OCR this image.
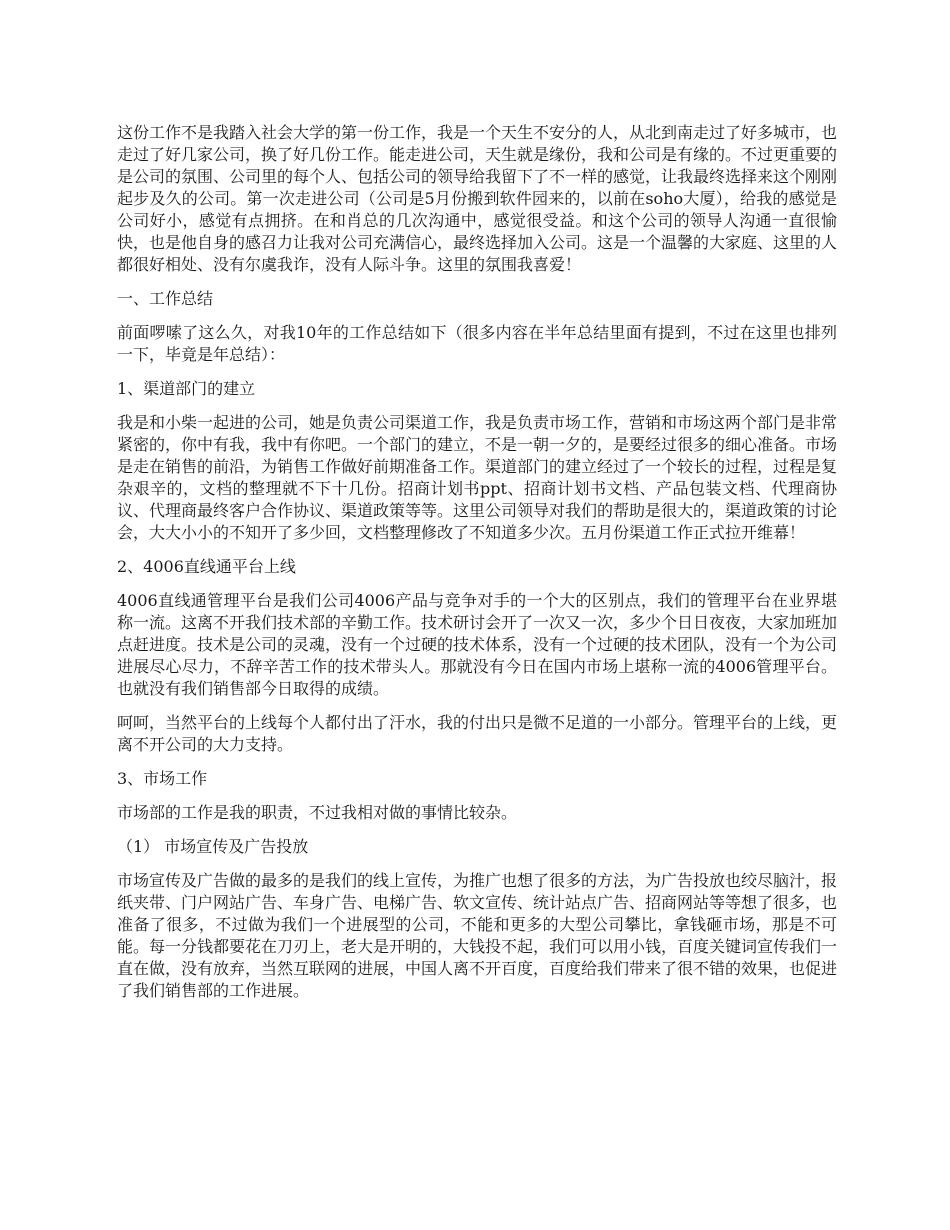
这份工作不是我踏入社会大学的第一份工作，我是一个天生不安分的人，从北到南走过了好多城市，也走过了好几家公司，换了好几份工作。能走进公司，天生就是缘份，我和公司是有缘的。不过更重要的是公司的氛围、公司里的每个人、包括公司的领导给我留下了不一样的感觉，让我最终选择来这个刚刚起步及久的公司。第一次走进公司（公司是5月份搬到软件园来的，以前在soho大厦），给我的感觉是公司好小，感觉有点拥挤。在和肖总的几次沟通中，感觉很受益。和这个公司的领导人沟通一直很愉快，也是他自身的感召力让我对公司充满信心，最终选择加入公司。这是一个温馨的大家庭、这里的人都很好相处、没有尔虞我诈，没有人际斗争。这里的氛围我喜爱！

一、工作总结

前面啰嗦了这么久，对我10年的工作总结如下（很多内容在半年总结里面有提到，不过在这里也排列一下，毕竟是年总结）：

1、渠道部门的建立

我是和小柴一起进的公司，她是负责公司渠道工作，我是负责市场工作，营销和市场这两个部门是非常紧密的，你中有我，我中有你吧。一个部门的建立，不是一朝一夕的，是要经过很多的细心准备。市场是走在销售的前沿，为销售工作做好前期准备工作。渠道部门的建立经过了一个较长的过程，过程是复杂艰辛的，文档的整理就不下十几份。招商计划书ppt、招商计划书文档、产品包装文档、代理商协议、代理商最终客户合作协议、渠道政策等等。这里公司领导对我们的帮助是很大的，渠道政策的讨论会，大大小小的不知开了多少回，文档整理修改了不知道多少次。五月份渠道工作正式拉开维幕！

2、4006直线通平台上线

4006直线通管理平台是我们公司4006产品与竞争对手的一个大的区别点，我们的管理平台在业界堪称一流。这离不开我们技术部的辛勤工作。技术研讨会开了一次又一次，多少个日日夜夜，大家加班加点赶进度。技术是公司的灵魂，没有一个过硬的技术体系，没有一个过硬的技术团队，没有一个为公司进展尽心尽力，不辞辛苦工作的技术带头人。那就没有今日在国内市场上堪称一流的4006管理平台。也就没有我们销售部今日取得的成绩。

呵呵，当然平台的上线每个人都付出了汗水，我的付出只是微不足道的一小部分。管理平台的上线，更离不开公司的大力支持。

3、市场工作

市场部的工作是我的职责，不过我相对做的事情比较杂。

（1） 市场宣传及广告投放

市场宣传及广告做的最多的是我们的线上宣传，为推广也想了很多的方法，为广告投放也绞尽脑汁，报纸夹带、门户网站广告、车身广告、电梯广告、软文宣传、统计站点广告、招商网站等等想了很多，也准备了很多，不过做为我们一个进展型的公司，不能和更多的大型公司攀比，拿钱砸市场，那是不可能。每一分钱都要花在刀刃上，老大是开明的，大钱投不起，我们可以用小钱，百度关键词宣传我们一直在做，没有放弃，当然互联网的进展，中国人离不开百度，百度给我们带来了很不错的效果，也促进了我们销售部的工作进展。
